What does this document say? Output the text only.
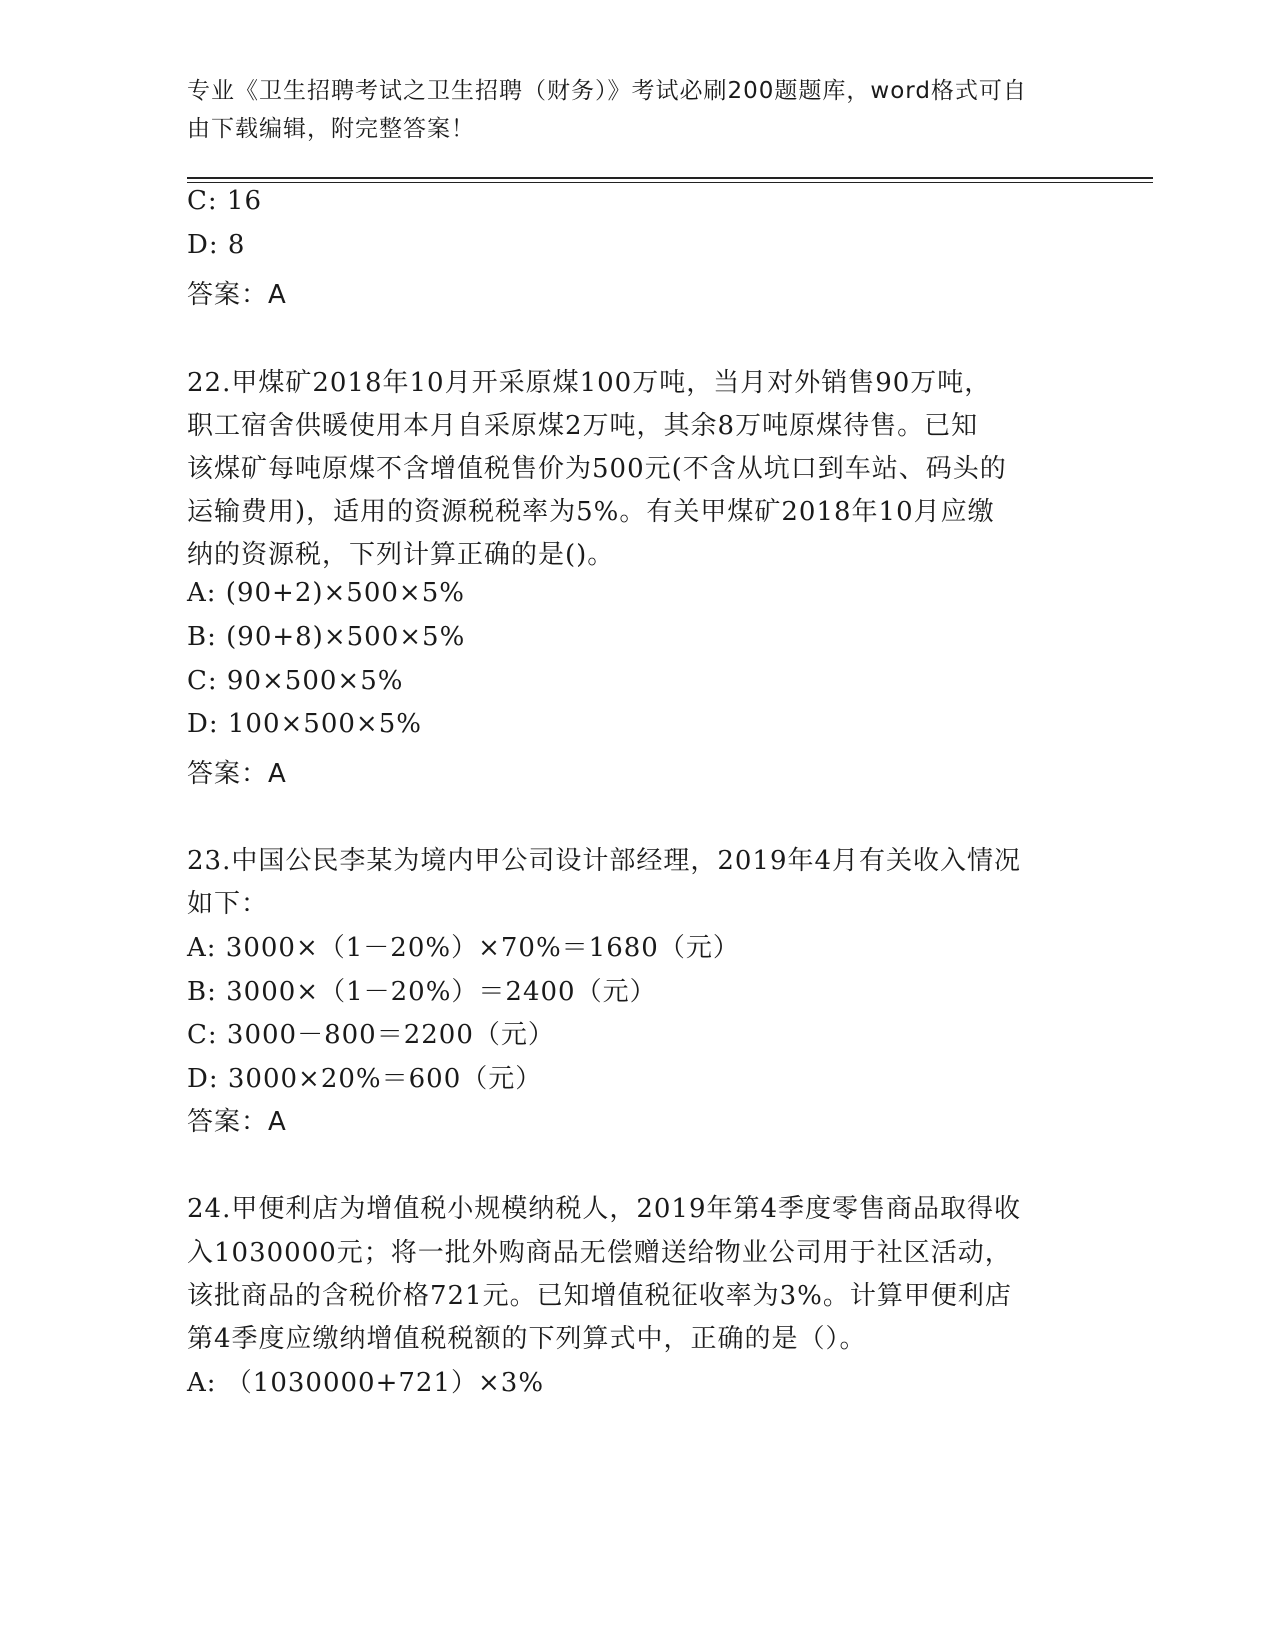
专业《卫生招聘考试之卫生招聘（财务）》考试必刷200题题库，word格式可自
由下载编辑，附完整答案！
C: 16
D: 8
答案：A
22.甲煤矿2018年10月开采原煤100万吨，当月对外销售90万吨，
职工宿舍供暖使用本月自采原煤2万吨，其余8万吨原煤待售。已知
该煤矿每吨原煤不含增值税售价为500元(不含从坑口到车站、码头的
运输费用)，适用的资源税税率为5%。有关甲煤矿2018年10月应缴
纳的资源税，下列计算正确的是()。
A: (90+2)×500×5%
B: (90+8)×500×5%
C: 90×500×5%
D: 100×500×5%
答案：A
23.中国公民李某为境内甲公司设计部经理，2019年4月有关收入情况
如下：
A: 3000×（1－20%）×70%＝1680（元）
B: 3000×（1－20%）＝2400（元）
C: 3000－800＝2200（元）
D: 3000×20%＝600（元）
答案：A
24.甲便利店为增值税小规模纳税人，2019年第4季度零售商品取得收
入1030000元；将一批外购商品无偿赠送给物业公司用于社区活动，
该批商品的含税价格721元。已知增值税征收率为3%。计算甲便利店
第4季度应缴纳增值税税额的下列算式中，正确的是（）。
A: （1030000+721）×3%
